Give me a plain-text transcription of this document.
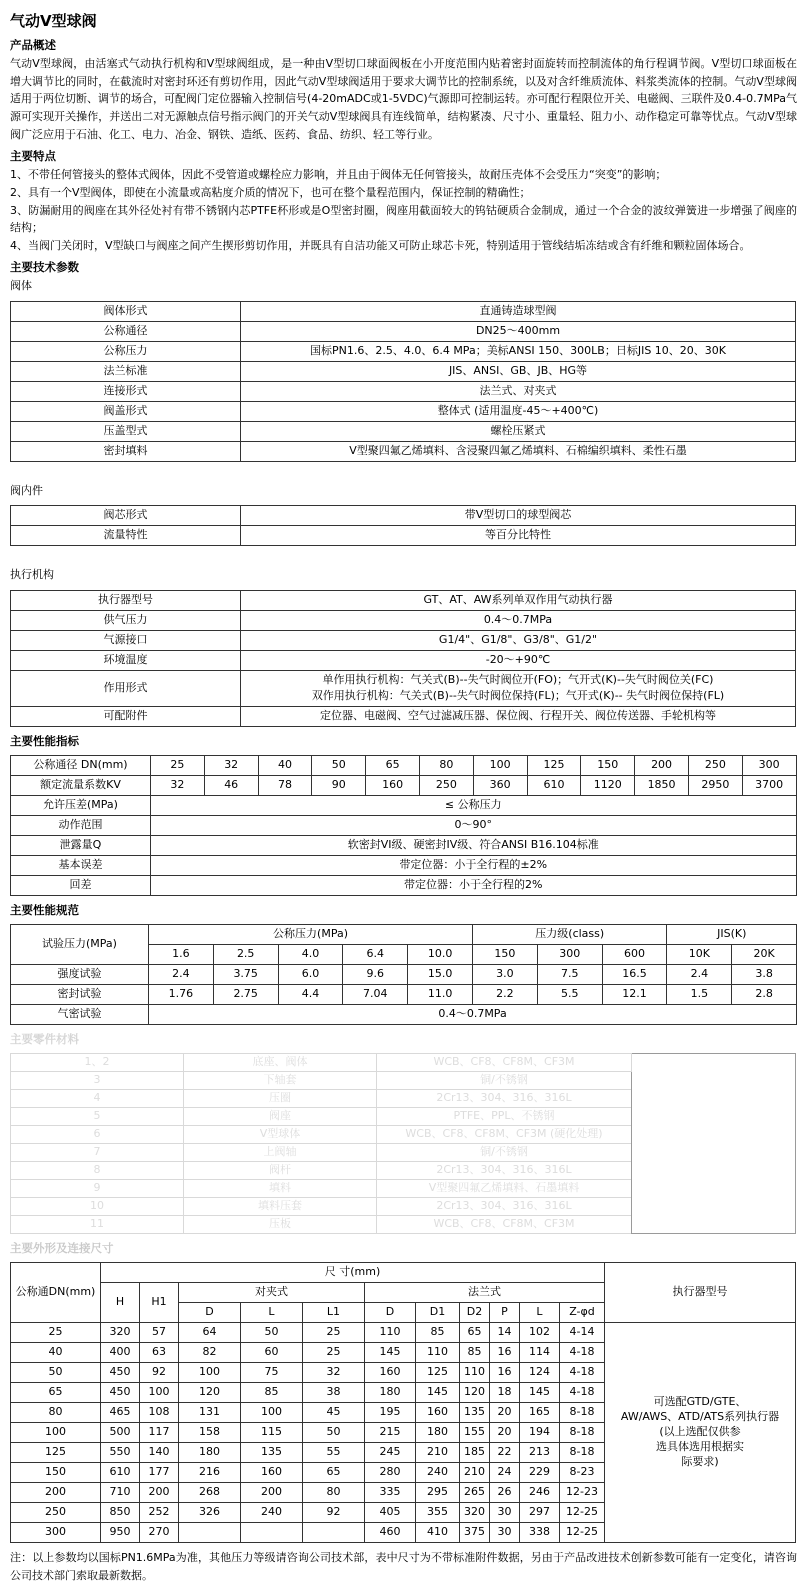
气动V型球阀
产品概述

气动V型球阀，由活塞式气动执行机构和V型球阀组成，是一种由V型切口球面阀板在小开度范围内贴着密封面旋转而控制流体的角行程调节阀。V型切口球面板在增大调节比的同时，在截流时对密封环还有剪切作用，因此气动V型球阀适用于要求大调节比的控制系统，以及对含纤维质流体、料浆类流体的控制。气动V型球阀适用于两位切断、调节的场合，可配阀门定位器输入控制信号(4-20mADC或1-5VDC)气源即可控制运转。亦可配行程限位开关、电磁阀、三联件及0.4-0.7MPa气源可实现开关操作，并送出二对无源触点信号指示阀门的开关气动V型球阀具有连线简单，结构紧凑、尺寸小、重量轻、阻力小、动作稳定可靠等忧点。气动V型球阀广泛应用于石油、化工、电力、冶金、钢铁、造纸、医药、食品、纺织、轻工等行业。

主要特点

1、不带任何管接头的整体式阀体，因此不受管道或螺栓应力影响，并且由于阀体无任何管接头，故耐压壳体不会受压力“突变”的影响；

2、具有一个V型阀体，即使在小流量或高粘度介质的情况下，也可在整个量程范围内，保证控制的精确性；

3、防漏耐用的阀座在其外径处衬有带不锈钢内芯PTFE杯形或是O型密封圈，阀座用截面较大的钨钴硬质合金制成，通过一个合金的波纹弹簧进一步增强了阀座的结构；

4、当阀门关闭时，V型缺口与阀座之间产生揳形剪切作用，并既具有自洁功能又可防止球芯卡死，特别适用于管线结垢冻结或含有纤维和颗粒固体场合。

主要技术参数
阀体
阀体形式	直通铸造球型阀
公称通径	DN25～400mm
公称压力	国标PN1.6、2.5、4.0、6.4 MPa；美标ANSI 150、300LB；日标JIS 10、20、30K
法兰标准	JIS、ANSI、GB、JB、HG等
连接形式	法兰式、对夹式
阀盖形式	整体式 (适用温度-45～+400℃)
压盖型式	螺栓压紧式
密封填料	V型聚四氟乙烯填料、含浸聚四氟乙烯填料、石棉编织填料、柔性石墨
阀内件
阀芯形式	带V型切口的球型阀芯
流量特性	等百分比特性
执行机构
执行器型号	GT、AT、AW系列单双作用气动执行器
供气压力	0.4～0.7MPa
气源接口	G1/4"、G1/8"、G3/8"、G1/2"
环境温度	-20～+90℃
作用形式	单作用执行机构：气关式(B)--失气时阀位开(FO)；气开式(K)--失气时阀位关(FC)
双作用执行机构：气关式(B)--失气时阀位保持(FL)；气开式(K)-- 失气时阀位保持(FL)

可配附件	定位器、电磁阀、空气过滤减压器、保位阀、行程开关、阀位传送器、手轮机构等
主要性能指标
公称通径 DN(mm)	25	32	40	50	65	80	100	125	150	200	250	300
额定流量系数KV	32	46	78	90	160	250	360	610	1120	1850	2950	3700
允许压差(MPa)	≤ 公称压力											
动作范围	0～90°											
泄露量Q	软密封VI级、硬密封IV级、符合ANSI B16.104标准											
基本误差	带定位器：小于全行程的±2%											
回差	带定位器：小于全行程的2%											
主要性能规范
试验压力(MPa)	公称压力(MPa)					压力级(class)			JIS(K)	
	1.6	2.5	4.0	6.4	10.0	150	300	600	10K	20K
强度试验	2.4	3.75	6.0	9.6	15.0	3.0	7.5	16.5	2.4	3.8
密封试验	1.76	2.75	4.4	7.04	11.0	2.2	5.5	12.1	1.5	2.8
气密试验	0.4～0.7MPa									
主要零件材料
1、2	底座、阀体	WCB、CF8、CF8M、CF3M	
3	下轴套	铜/不锈钢	
4	压圈	2Cr13、304、316、316L	
5	阀座	PTFE、PPL、不锈钢	
6	V型球体	WCB、CF8、CF8M、CF3M (硬化处理)	
7	上阀轴	铜/不锈钢	
8	阀杆	2Cr13、304、316、316L	
9	填料	V型聚四氟乙烯填料、石墨填料	
10	填料压套	2Cr13、304、316、316L	
11	压板	WCB、CF8、CF8M、CF3M	
主要外形及连接尺寸
公称通DN(mm)	尺 寸(mm)											执行器型号
	H	H1	对夹式			法兰式						
			D	L	L1	D	D1	D2	P	L	Z-φd	
25	320	57	64	50	25	110	85	65	14	102	4-14	可选配GTD/GTE、
AW/AWS、ATD/ATS系列执行器
(以上选配仅供参
选具体选用根据实
际要求)

40	400	63	82	60	25	145	110	85	16	114	4-18	
50	450	92	100	75	32	160	125	110	16	124	4-18	
65	450	100	120	85	38	180	145	120	18	145	4-18	
80	465	108	131	100	45	195	160	135	20	165	8-18	
100	500	117	158	115	50	215	180	155	20	194	8-18	
125	550	140	180	135	55	245	210	185	22	213	8-18	
150	610	177	216	160	65	280	240	210	24	229	8-23	
200	710	200	268	200	80	335	295	265	26	246	12-23	
250	850	252	326	240	92	405	355	320	30	297	12-25	
300	950	270				460	410	375	30	338	12-25	

注：以上参数均以国标PN1.6MPa为准，其他压力等级请咨询公司技术部，表中尺寸为不带标准附件数据，另由于产品改进技术创新参数可能有一定变化，请咨询公司技术部门索取最新数据。
